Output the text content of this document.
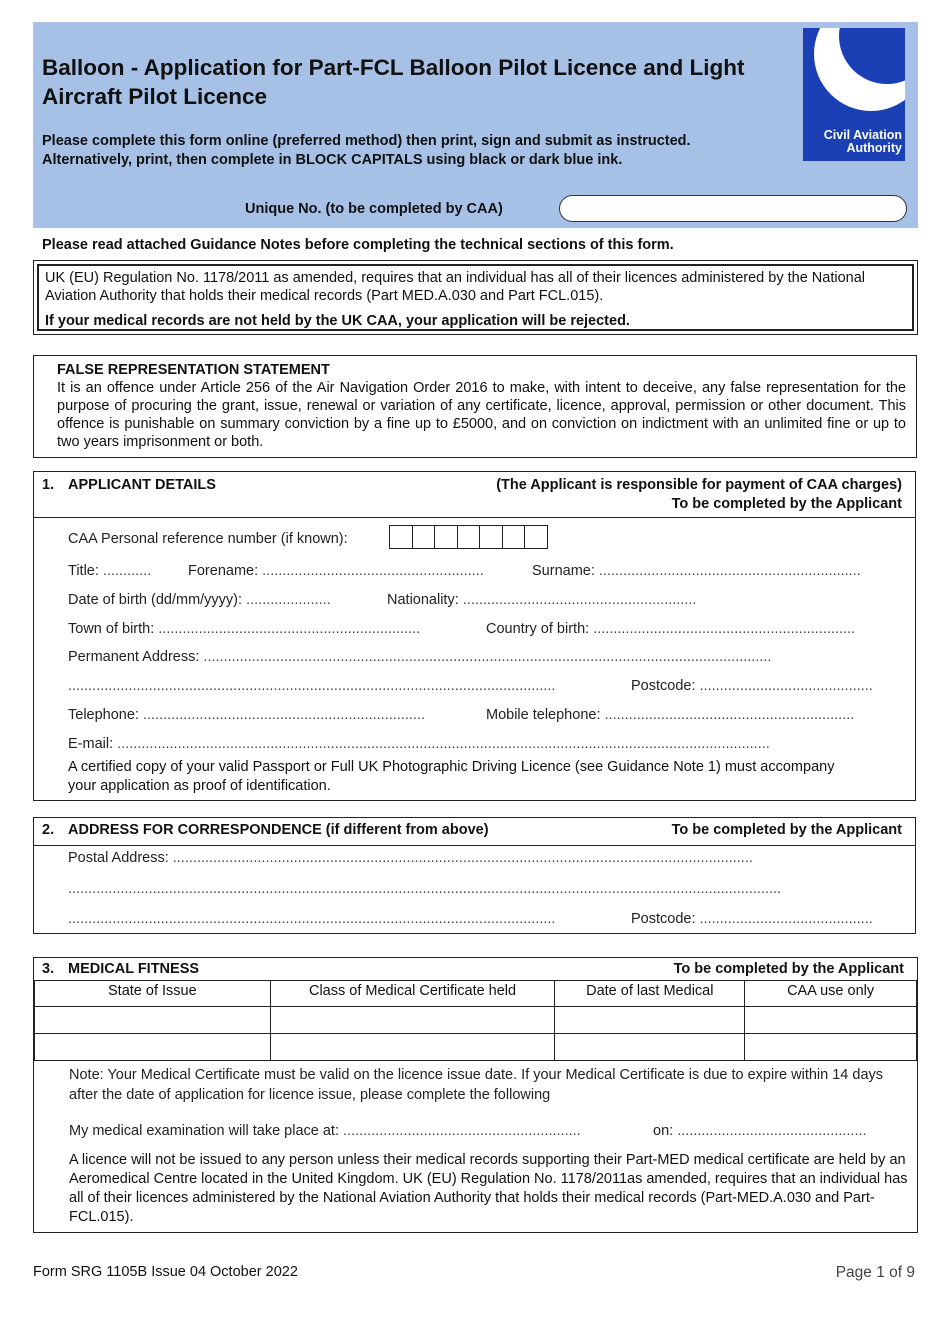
Balloon - Application for Part-FCL Balloon Pilot Licence and Light Aircraft Pilot Licence
Please complete this form online (preferred method) then print, sign and submit as instructed.
Alternatively, print, then complete in BLOCK CAPITALS using black or dark blue ink.
Civil Aviation
Authority
Unique No. (to be completed by CAA)
Please read attached Guidance Notes before completing the technical sections of this form.
UK (EU) Regulation No. 1178/2011 as amended, requires that an individual has all of their licences administered by the National Aviation Authority that holds their medical records (Part MED.A.030 and Part FCL.015).
If your medical records are not held by the UK CAA, your application will be rejected.
FALSE REPRESENTATION STATEMENT
It is an offence under Article 256 of the Air Navigation Order 2016 to make, with intent to deceive, any false representation for the purpose of procuring the grant, issue, renewal or variation of any certificate, licence, approval, permission or other document. This offence is punishable on summary conviction by a fine up to £5000, and on conviction on indictment with an unlimited fine or up to two years imprisonment or both.
1. APPLICANT DETAILS	(The Applicant is responsible for payment of CAA charges)
To be completed by the Applicant
CAA Personal reference number (if known):
Title: ............	Forename: .......................................................	Surname: .................................................................
Date of birth (dd/mm/yyyy): .....................	Nationality: ..........................................................
Town of birth: .................................................................	Country of birth: .................................................................
Permanent Address: .............................................................................................................................................
.........................................................................................................................	Postcode: ...........................................
Telephone: ......................................................................	Mobile telephone: ..............................................................
E-mail: ..................................................................................................................................................................
A certified copy of your valid Passport or Full UK Photographic Driving Licence (see Guidance Note 1) must accompany your application as proof of identification.
2. ADDRESS FOR CORRESPONDENCE (if different from above)	To be completed by the Applicant
Postal Address: ................................................................................................................................................
.................................................................................................................................................................................
.........................................................................................................................	Postcode: ...........................................
3. MEDICAL FITNESS	To be completed by the Applicant
State of Issue	Class of Medical Certificate held	Date of last Medical	CAA use only

Note: Your Medical Certificate must be valid on the licence issue date. If your Medical Certificate is due to expire within 14 days after the date of application for licence issue, please complete the following
My medical examination will take place at: ...........................................................	on: ...............................................
A licence will not be issued to any person unless their medical records supporting their Part-MED medical certificate are held by an Aeromedical Centre located in the United Kingdom. UK (EU) Regulation No. 1178/2011as amended, requires that an individual has all of their licences administered by the National Aviation Authority that holds their medical records (Part-MED.A.030 and Part-FCL.015).
Form SRG 1105B Issue 04 October 2022	Page 1 of 9
